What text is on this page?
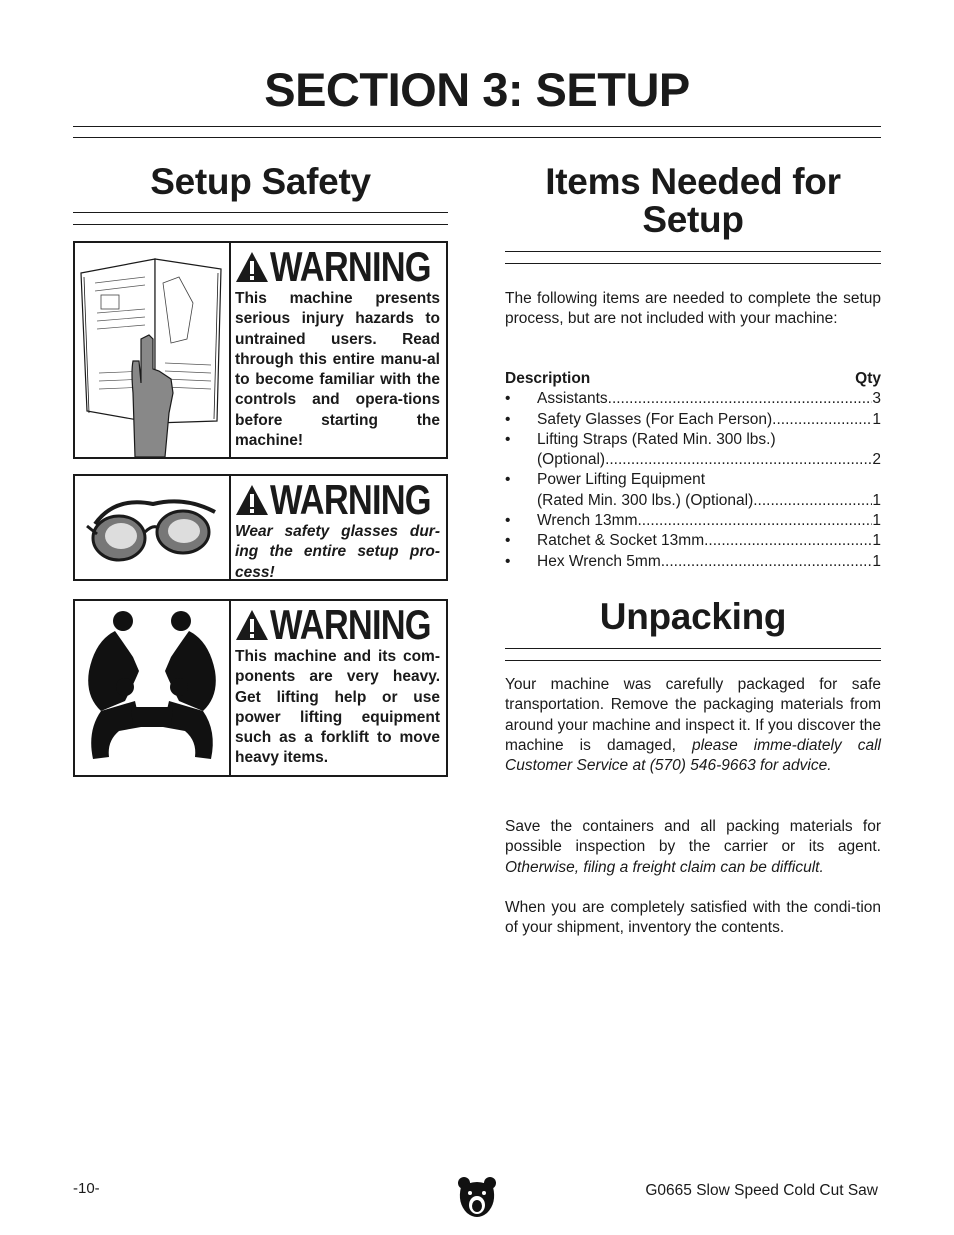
SECTION 3: SETUP
Setup Safety
WARNING
This machine presents serious injury hazards to untrained users. Read through this entire manu-al to become familiar with the controls and opera-tions before starting the machine!
WARNING
Wear safety glasses dur-ing the entire setup pro-cess!
WARNING
This machine and its com-ponents are very heavy. Get lifting help or use power lifting equipment such as a forklift to move heavy items.
Items Needed for
Setup

The following items are needed to complete the setup process, but are not included with your machine:

Description	Qty
• Assistants .....	3
• Safety Glasses (For Each Person) .....	1
• Lifting Straps (Rated Min. 300 lbs.)
(Optional) .....	2
• Power Lifting Equipment
(Rated Min. 300 lbs.) (Optional) .....	1
• Wrench 13mm .....	1
• Ratchet & Socket 13mm .....	1
• Hex Wrench 5mm .....	1
Unpacking

Your machine was carefully packaged for safe transportation. Remove the packaging materials from around your machine and inspect it. If you discover the machine is damaged, please imme-diately call Customer Service at (570) 546-9663 for advice.

Save the containers and all packing materials for possible inspection by the carrier or its agent. Otherwise, filing a freight claim can be difficult.

When you are completely satisfied with the condi-tion of your shipment, inventory the contents.

-10-	G0665 Slow Speed Cold Cut Saw
